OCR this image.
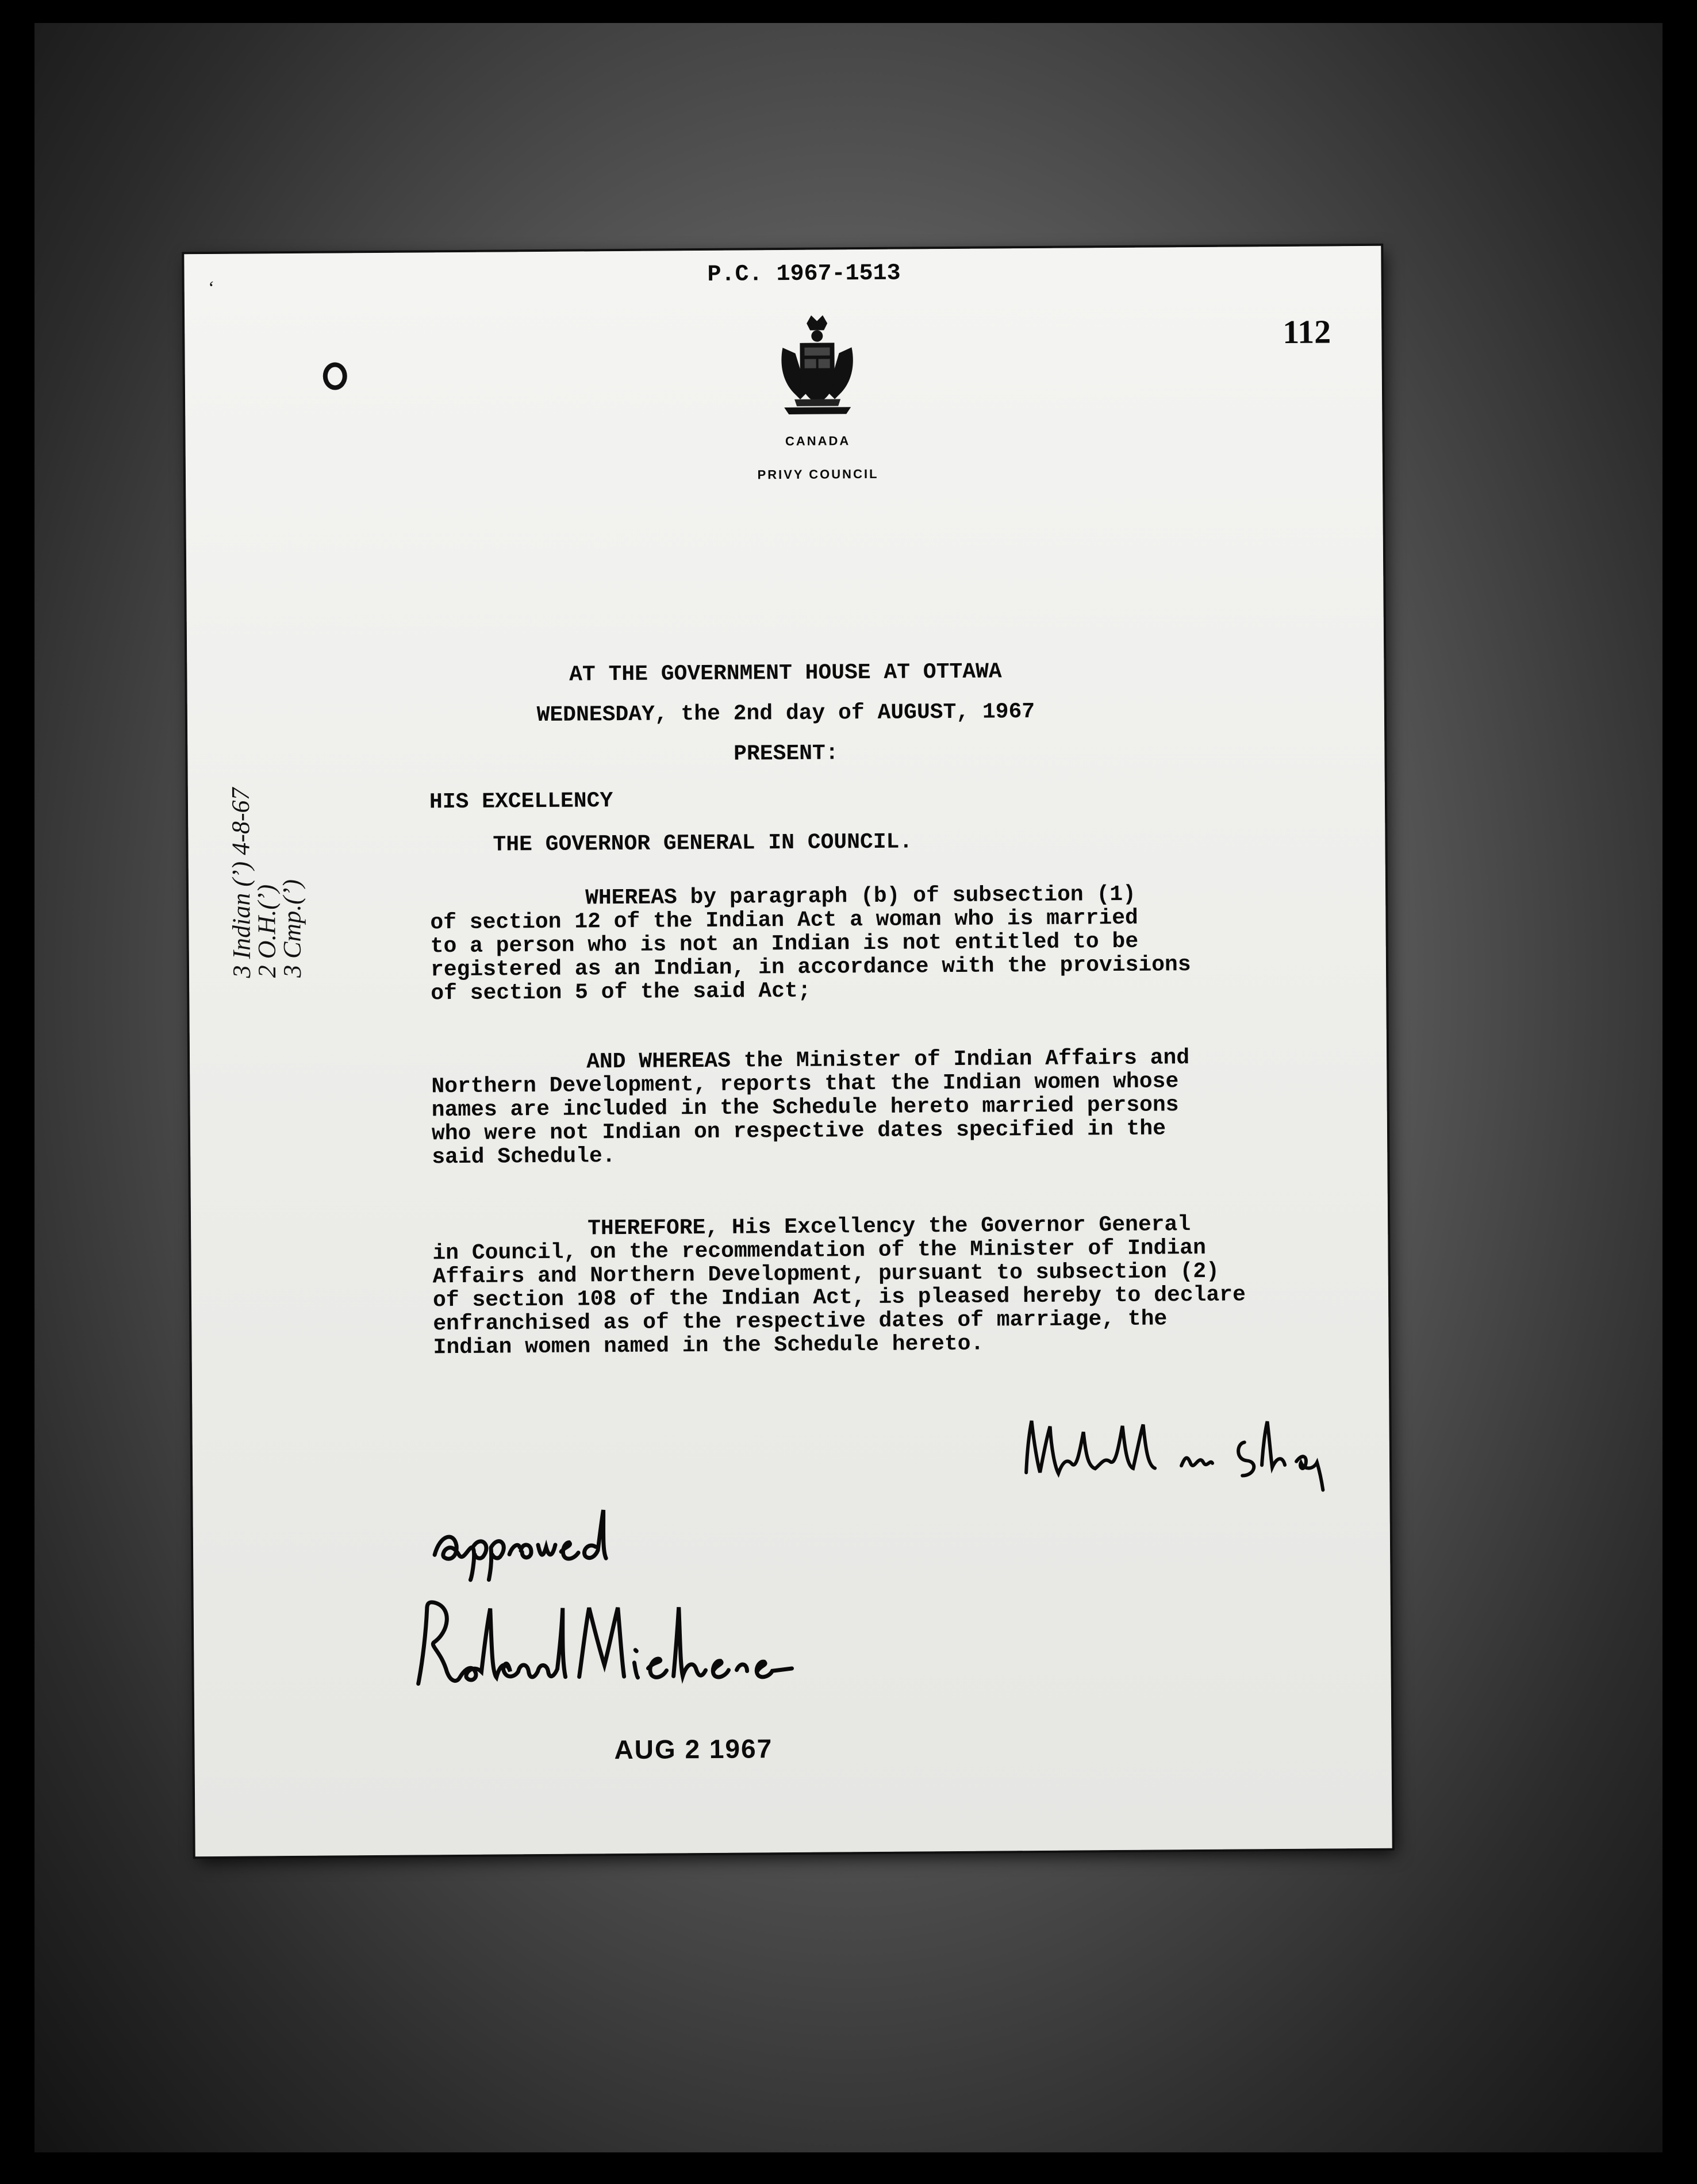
‘	P.C. 1967-1513
112
CANADA
PRIVY COUNCIL
AT THE GOVERNMENT HOUSE AT OTTAWA
WEDNESDAY, the 2nd day of AUGUST, 1967
PRESENT:
HIS EXCELLENCY
THE GOVERNOR GENERAL IN COUNCIL.

WHEREAS by paragraph (b) of subsection (1)
of section 12 of the Indian Act a woman who is married
to a person who is not an Indian is not entitled to be
registered as an Indian, in accordance with the provisions
of section 5 of the said Act;

AND WHEREAS the Minister of Indian Affairs and
Northern Development, reports that the Indian women whose
names are included in the Schedule hereto married persons
who were not Indian on respective dates specified in the
said Schedule.

THEREFORE, His Excellency the Governor General
in Council, on the recommendation of the Minister of Indian
Affairs and Northern Development, pursuant to subsection (2)
of section 108 of the Indian Act, is pleased hereby to declare
enfranchised as of the respective dates of marriage, the
Indian women named in the Schedule hereto.

3 Indian (’) 4-8-67
2 O.H.(’)
3 Cmp.(’)
AUG 2 1967
